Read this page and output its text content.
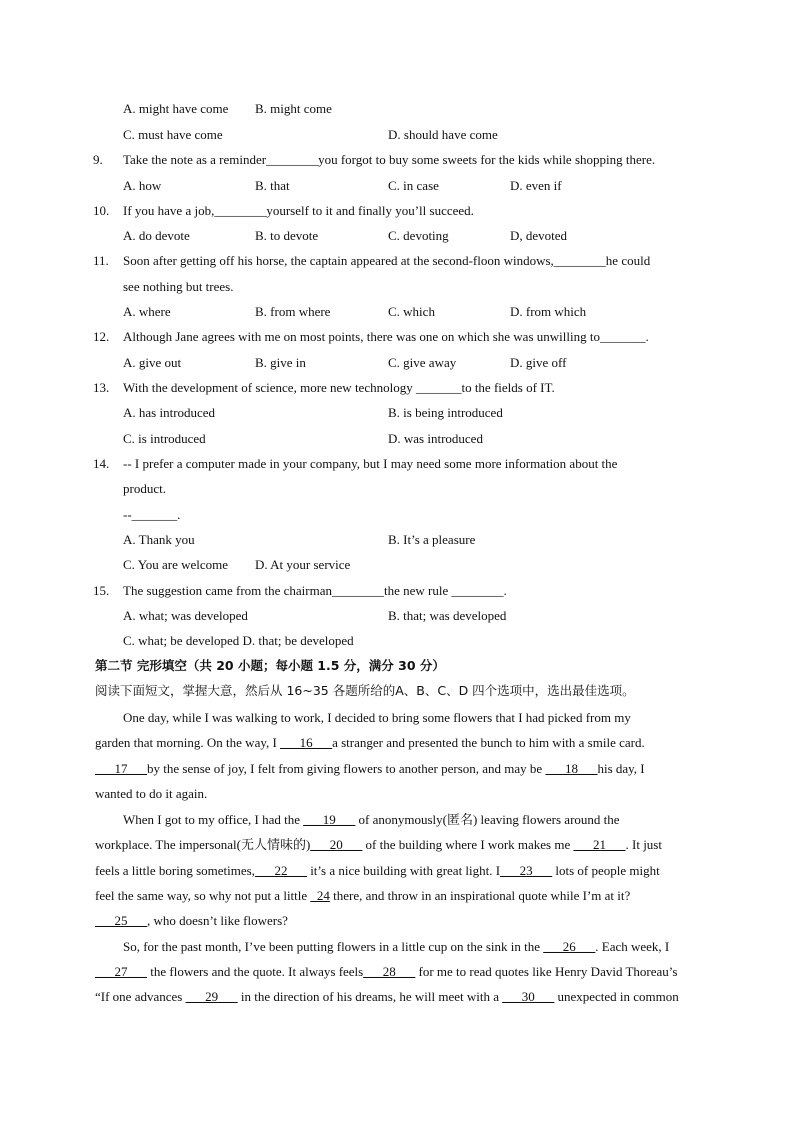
A. might have come B. might come
C. must have come	D. should have come
9. Take the note as a reminder________you forgot to buy some sweets for the kids while shopping there.
A. how	B. that	C. in case	D. even if
10. If you have a job,________yourself to it and finally you’ll succeed.
A. do devote	B. to devote	C. devoting	D, devoted
11. Soon after getting off his horse, the captain appeared at the second-floon windows,________he could
see nothing but trees.
A. where	B. from where	C. which	D. from which
12. Although Jane agrees with me on most points, there was one on which she was unwilling to_______.
A. give out	B. give in	C. give away	D. give off
13. With the development of science, more new technology _______to the fields of IT.
A. has introduced	B. is being introduced
C. is introduced	D. was introduced
14. -- I prefer a computer made in your company, but I may need some more information about the
product.
--_______.
A. Thank you	B. It’s a pleasure
C. You are welcome D. At your service
15. The suggestion came from the chairman________the new rule ________.
A. what; was developed	B. that; was developed
C. what; be developed D. that; be developed
第二节 完形填空（共 20 小题；每小题 1.5 分，满分 30 分）
阅读下面短文，掌握大意，然后从 16~35 各题所给的A、B、C、D 四个选项中，选出最佳选项。
One day, while I was walking to work, I decided to bring some flowers that I had picked from my
garden that morning. On the way, I ___16___a stranger and presented the bunch to him with a smile card.
___17___by the sense of joy, I felt from giving flowers to another person, and may be ___18___his day, I
wanted to do it again.
When I got to my office, I had the ___19___ of anonymously(匿名) leaving flowers around the
workplace. The impersonal(无人情味的)___20___ of the building where I work makes me ___21___. It just
feels a little boring sometimes,___22___ it’s a nice building with great light. I___23___ lots of people might
feel the same way, so why not put a little _24 there, and throw in an inspirational quote while I’m at it?
___25___, who doesn’t like flowers?
So, for the past month, I’ve been putting flowers in a little cup on the sink in the ___26___. Each week, I
___27___ the flowers and the quote. It always feels___28___ for me to read quotes like Henry David Thoreau’s
“If one advances ___29___ in the direction of his dreams, he will meet with a ___30___ unexpected in common
